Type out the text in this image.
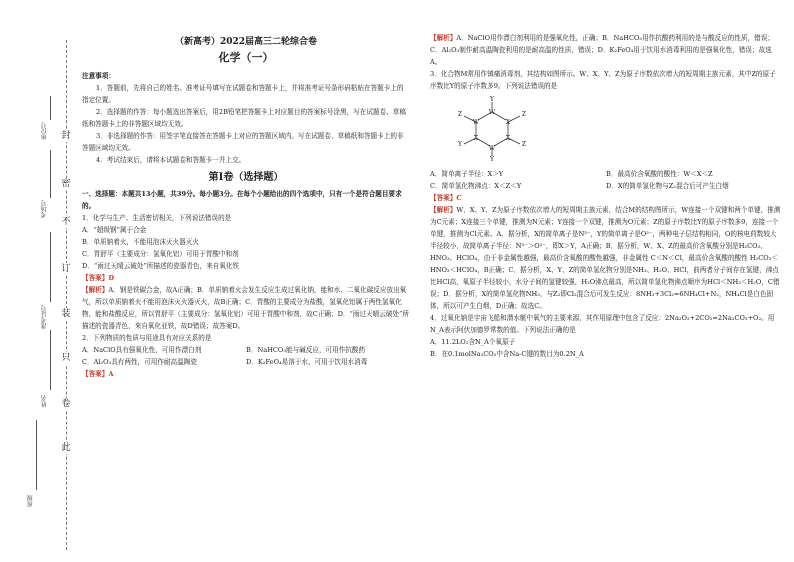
封
密
不
订
装
只
卷
此
准考证号
考场号
座位号
姓名
班级

（新高考）2022届高三二轮综合卷

化学（一）

注意事项：

1．答题前，先将自己的姓名、准考证号填写在试题卷和答题卡上，并将准考证号条形码粘贴在答题卡上的指定位置。

2．选择题的作答：每小题选出答案后，用2B铅笔把答题卡上对应题目的答案标号涂黑，写在试题卷、草稿纸和答题卡上的非答题区域均无效。

3．非选择题的作答：用签字笔直接答在答题卡上对应的答题区域内。写在试题卷、草稿纸和答题卡上的非答题区域均无效。

4．考试结束后，请将本试题卷和答题卡一并上交。

第Ⅰ卷（选择题）

一、选择题：本题共13小题，共39分。每小题3分。在每个小题给出的四个选项中，只有一个是符合题目要求的。

1．化学与生产、生活密切相关，下列说法错误的是

A．“超级钢”属于合金

B．单质钠着火，不能用泡沫灭火器灭火

C．胃舒平（主要成分：氢氧化铝）可用于胃酸中和剂

D．“雨过天晴云破处”所描述的瓷器青色，来自氧化铁

【答案】D

【解析】A．钢是铁碳合金，故A正确；B．单质钠着火会发生反应生成过氧化钠，能和水、二氧化碳反应放出氧气，所以单质钠着火不能用泡沫灭火器灭火，故B正确；C．胃酸的主要成分为盐酸，氢氧化铝属于两性氢氧化物，能和盐酸反应，所以胃舒平（主要成分：氢氧化铝）可用于胃酸中和剂，故C正确；D．“雨过天晴云破处”所描述的瓷器青色，来自氧化亚铁，故D错误；故答案D。

2．下列物质的性质与用途具有对应关系的是

A．NaClO具有强氧化性，可用作漂白剂	B．NaHCO₃能与碱反应，可用作抗酸药
C．Al₂O₃具有两性，可用作耐高温陶瓷	D．K₂FeO₄易溶于水，可用于饮用水消毒

【答案】A

【解析】A．NaClO用作漂白剂利用的是强氧化性，正确；B．NaHCO₃用作抗酸药利用的是与酸反应的性质，错误；C．Al₂O₃制作耐高温陶瓷利用的是耐高温的性质，错误；D．K₂FeO₄用于饮用水消毒利用的是强氧化性，错误；故选A。

3．化合物M常用作镇痛消毒剂，其结构如图所示。W、X、Y、Z为原子序数依次增大的短周期主族元素，其中Z的原子序数比Y的原子序数多9。下列说法错误的是

Y
Z
W
X
W
Z
X
X
W
Z
Y
Y
A．简单离子半径：X＞Y	B．最高价含氧酸的酸性：W＜X＜Z
C．简单氢化物沸点：X＜Z＜Y	D．X的简单氢化物与Z₂混合后可产生白烟

【答案】C

【解析】W、X、Y、Z为原子序数依次增大的短周期主族元素，结合M的结构图所示，W连接一个双键和两个单键，推测为C元素；X连接三个单键，推测为N元素；Y连接一个双键，推测为O元素；Z的原子序数比Y的原子序数多9，连接一个单键，推测为Cl元素。A．据分析，X的简单离子是N³⁻，Y的简单离子是O²⁻，两种电子层结构相同，O的核电荷数较大半径较小，故简单离子半径：N³⁻＞O²⁻，即X＞Y，A正确；B．据分析，W、X、Z的最高价含氧酸分别是H₂CO₃、HNO₃、HClO₄，由于非金属性越强，最高价含氧酸的酸性越强，非金属性 C＜N＜Cl，最高价含氧酸的酸性 H₂CO₃＜HNO₃＜HClO₄，B正确；C．据分析，X、Y、Z的简单氢化物分别是NH₃、H₂O、HCl，前两者分子间存在氢键，沸点比HCl高，氧原子半径较小，水分子间的氢键较强，H₂O沸点最高，所以简单氢化物沸点顺序为HCl＜NH₃＜H₂O，C错误；D．据分析，X的简单氢化物NH₃，与Z₂即Cl₂混合后可发生反应：8NH₃+3Cl₂=6NH₄Cl+N₂，NH₄Cl是白色固体，所以可产生白烟，D正确；故选C。

4．过氧化钠是宇宙飞船和潜水艇中氧气的主要来源，其作用原理中包含了反应：2Na₂O₂+2CO₂=2Na₂CO₃+O₂。用N_A表示阿伏加德罗常数的值。下列说法正确的是

A．11.2LO₂含N_A个氧原子

B．在0.1molNa₂CO₃中含Na-C键的数目为0.2N_A
